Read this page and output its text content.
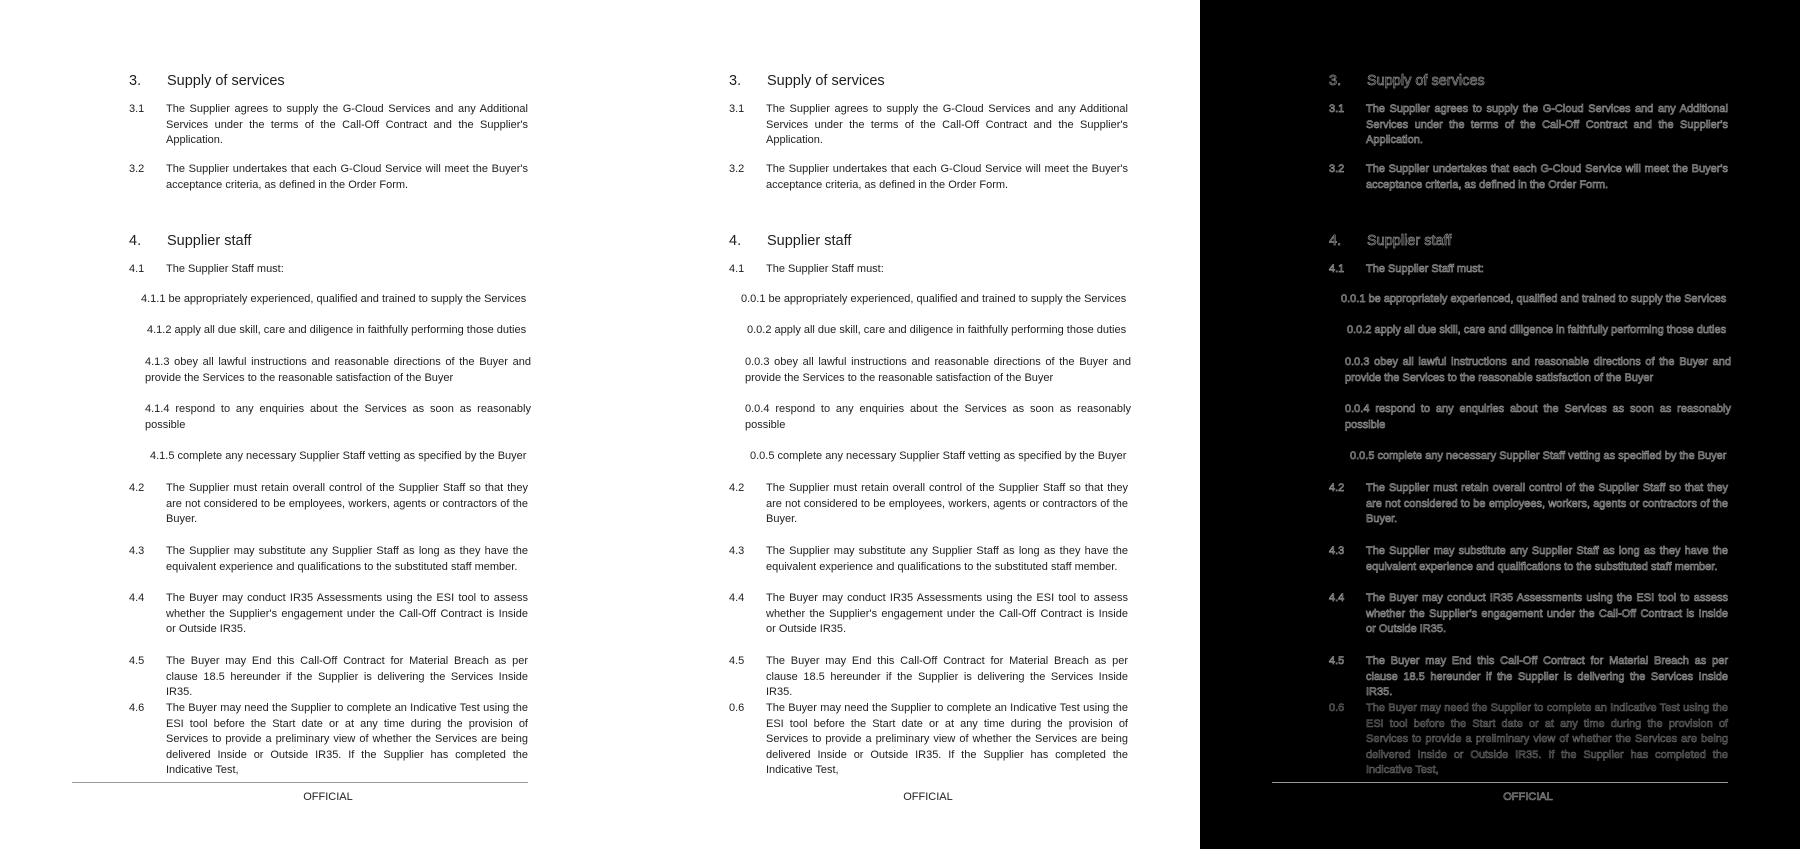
3. Supply of services
3.1 The Supplier agrees to supply the G-Cloud Services and any Additional Services under the terms of the Call-Off Contract and the Supplier's Application.
3.2 The Supplier undertakes that each G-Cloud Service will meet the Buyer's acceptance criteria, as defined in the Order Form.
4. Supplier staff
4.1 The Supplier Staff must:
4.1.1 be appropriately experienced, qualified and trained to supply the Services
4.1.2 apply all due skill, care and diligence in faithfully performing those duties
4.1.3 obey all lawful instructions and reasonable directions of the Buyer and provide the Services to the reasonable satisfaction of the Buyer
4.1.4 respond to any enquiries about the Services as soon as reasonably possible
4.1.5 complete any necessary Supplier Staff vetting as specified by the Buyer
4.2 The Supplier must retain overall control of the Supplier Staff so that they are not considered to be employees, workers, agents or contractors of the Buyer.
4.3 The Supplier may substitute any Supplier Staff as long as they have the equivalent experience and qualifications to the substituted staff member.
4.4 The Buyer may conduct IR35 Assessments using the ESI tool to assess whether the Supplier's engagement under the Call-Off Contract is Inside or Outside IR35.
4.5 The Buyer may End this Call-Off Contract for Material Breach as per clause 18.5 hereunder if the Supplier is delivering the Services Inside IR35.
4.6 The Buyer may need the Supplier to complete an Indicative Test using the ESI tool before the Start date or at any time during the provision of Services to provide a preliminary view of whether the Services are being delivered Inside or Outside IR35. If the Supplier has completed the Indicative Test,
OFFICIAL
3. Supply of services
3.1 The Supplier agrees to supply the G-Cloud Services and any Additional Services under the terms of the Call-Off Contract and the Supplier's Application.
3.2 The Supplier undertakes that each G-Cloud Service will meet the Buyer's acceptance criteria, as defined in the Order Form.
4. Supplier staff
4.1 The Supplier Staff must:
0.0.1 be appropriately experienced, qualified and trained to supply the Services
0.0.2 apply all due skill, care and diligence in faithfully performing those duties
0.0.3 obey all lawful instructions and reasonable directions of the Buyer and provide the Services to the reasonable satisfaction of the Buyer
0.0.4 respond to any enquiries about the Services as soon as reasonably possible
0.0.5 complete any necessary Supplier Staff vetting as specified by the Buyer
4.2 The Supplier must retain overall control of the Supplier Staff so that they are not considered to be employees, workers, agents or contractors of the Buyer.
4.3 The Supplier may substitute any Supplier Staff as long as they have the equivalent experience and qualifications to the substituted staff member.
4.4 The Buyer may conduct IR35 Assessments using the ESI tool to assess whether the Supplier's engagement under the Call-Off Contract is Inside or Outside IR35.
4.5 The Buyer may End this Call-Off Contract for Material Breach as per clause 18.5 hereunder if the Supplier is delivering the Services Inside IR35.
0.6 The Buyer may need the Supplier to complete an Indicative Test using the ESI tool before the Start date or at any time during the provision of Services to provide a preliminary view of whether the Services are being delivered Inside or Outside IR35. If the Supplier has completed the Indicative Test,
OFFICIAL
3. Supply of services
3.1 The Supplier agrees to supply the G-Cloud Services and any Additional Services under the terms of the Call-Off Contract and the Supplier's Application.
3.2 The Supplier undertakes that each G-Cloud Service will meet the Buyer's acceptance criteria, as defined in the Order Form.
4. Supplier staff
4.1 The Supplier Staff must:
0.0.1 be appropriately experienced, qualified and trained to supply the Services
0.0.2 apply all due skill, care and diligence in faithfully performing those duties
0.0.3 obey all lawful instructions and reasonable directions of the Buyer and provide the Services to the reasonable satisfaction of the Buyer
0.0.4 respond to any enquiries about the Services as soon as reasonably possible
0.0.5 complete any necessary Supplier Staff vetting as specified by the Buyer
4.2 The Supplier must retain overall control of the Supplier Staff so that they are not considered to be employees, workers, agents or contractors of the Buyer.
4.3 The Supplier may substitute any Supplier Staff as long as they have the equivalent experience and qualifications to the substituted staff member.
4.4 The Buyer may conduct IR35 Assessments using the ESI tool to assess whether the Supplier's engagement under the Call-Off Contract is Inside or Outside IR35.
4.5 The Buyer may End this Call-Off Contract for Material Breach as per clause 18.5 hereunder if the Supplier is delivering the Services Inside IR35.
0.6 The Buyer may need the Supplier to complete an Indicative Test using the ESI tool before the Start date or at any time during the provision of Services to provide a preliminary view of whether the Services are being delivered Inside or Outside IR35. If the Supplier has completed the Indicative Test,
OFFICIAL
